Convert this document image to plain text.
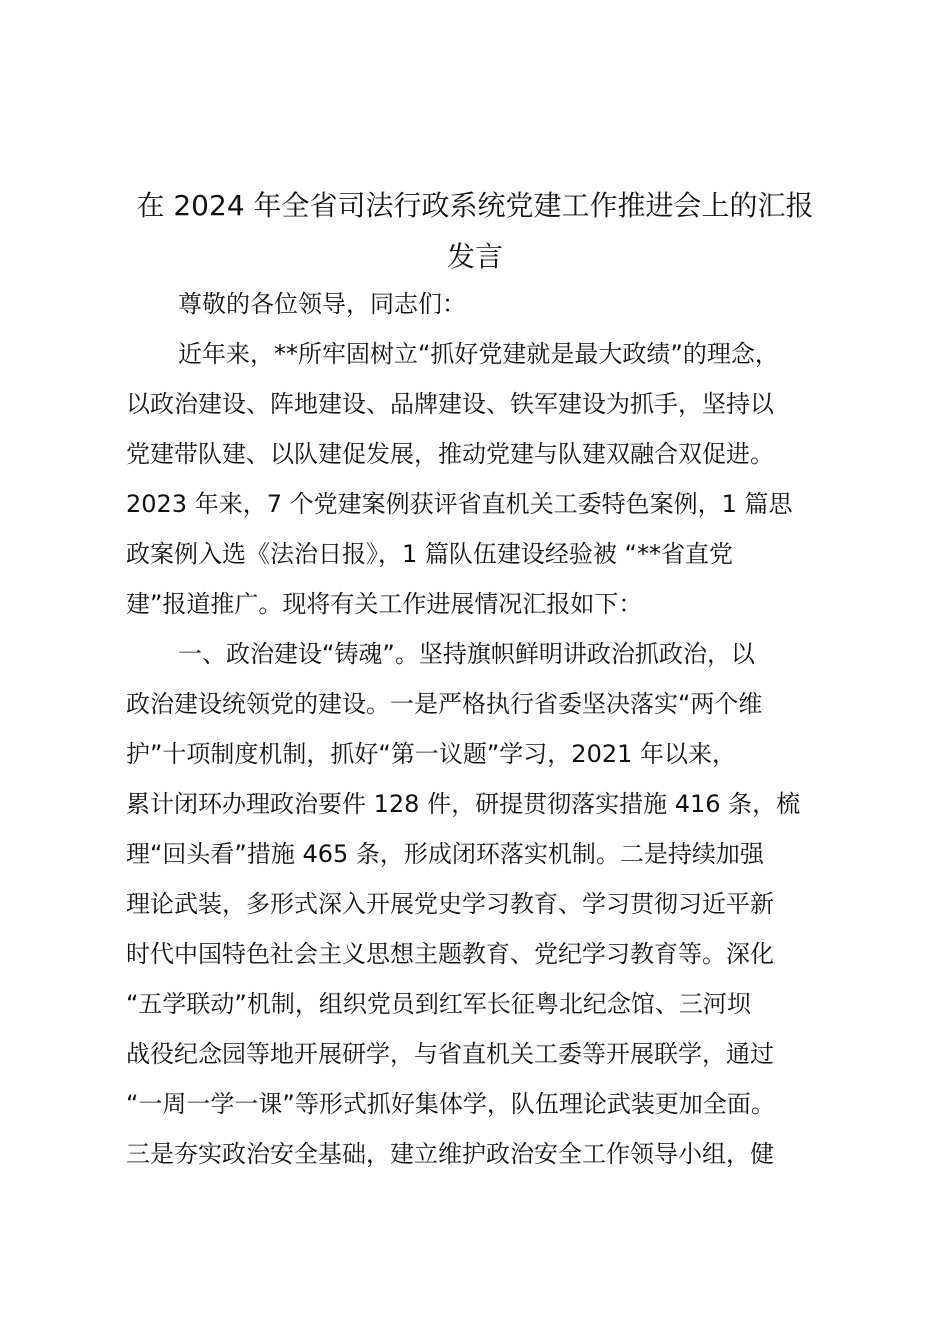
在 2024 年全省司法行政系统党建工作推进会上的汇报
发言
尊敬的各位领导，同志们：
近年来，**所牢固树立“抓好党建就是最大政绩”的理念，
以政治建设、阵地建设、品牌建设、铁军建设为抓手，坚持以
党建带队建、以队建促发展，推动党建与队建双融合双促进。
2023 年来，7 个党建案例获评省直机关工委特色案例，1 篇思
政案例入选《法治日报》，1 篇队伍建设经验被 “**省直党
建”报道推广。现将有关工作进展情况汇报如下：
一、政治建设“铸魂”。坚持旗帜鲜明讲政治抓政治，以
政治建设统领党的建设。一是严格执行省委坚决落实“两个维
护”十项制度机制，抓好“第一议题”学习，2021 年以来，
累计闭环办理政治要件 128 件，研提贯彻落实措施 416 条，梳
理“回头看”措施 465 条，形成闭环落实机制。二是持续加强
理论武装，多形式深入开展党史学习教育、学习贯彻习近平新
时代中国特色社会主义思想主题教育、党纪学习教育等。深化
“五学联动”机制，组织党员到红军长征粤北纪念馆、三河坝
战役纪念园等地开展研学，与省直机关工委等开展联学，通过
“一周一学一课”等形式抓好集体学，队伍理论武装更加全面。
三是夯实政治安全基础，建立维护政治安全工作领导小组，健
